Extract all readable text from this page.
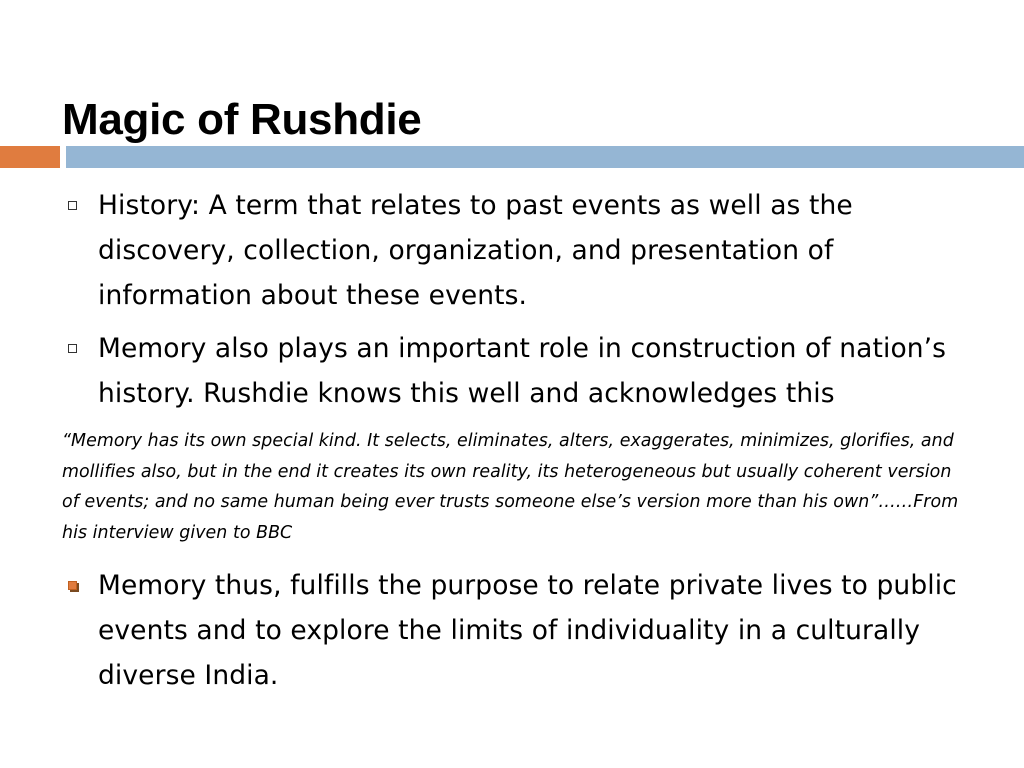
Magic of Rushdie
History: A term that relates to past events as well as the discovery, collection, organization, and presentation of information about these events.
Memory also plays an important role in construction of nation’s history. Rushdie knows this well and acknowledges this

“Memory has its own special kind. It selects, eliminates, alters, exaggerates, minimizes, glorifies, and mollifies also, but in the end it creates its own reality, its heterogeneous but usually coherent version of events; and no same human being ever trusts someone else’s version more than his own”……From his interview given to BBC

Memory thus, fulfills the purpose to relate private lives to public events and to explore the limits of individuality in a culturally diverse India.
